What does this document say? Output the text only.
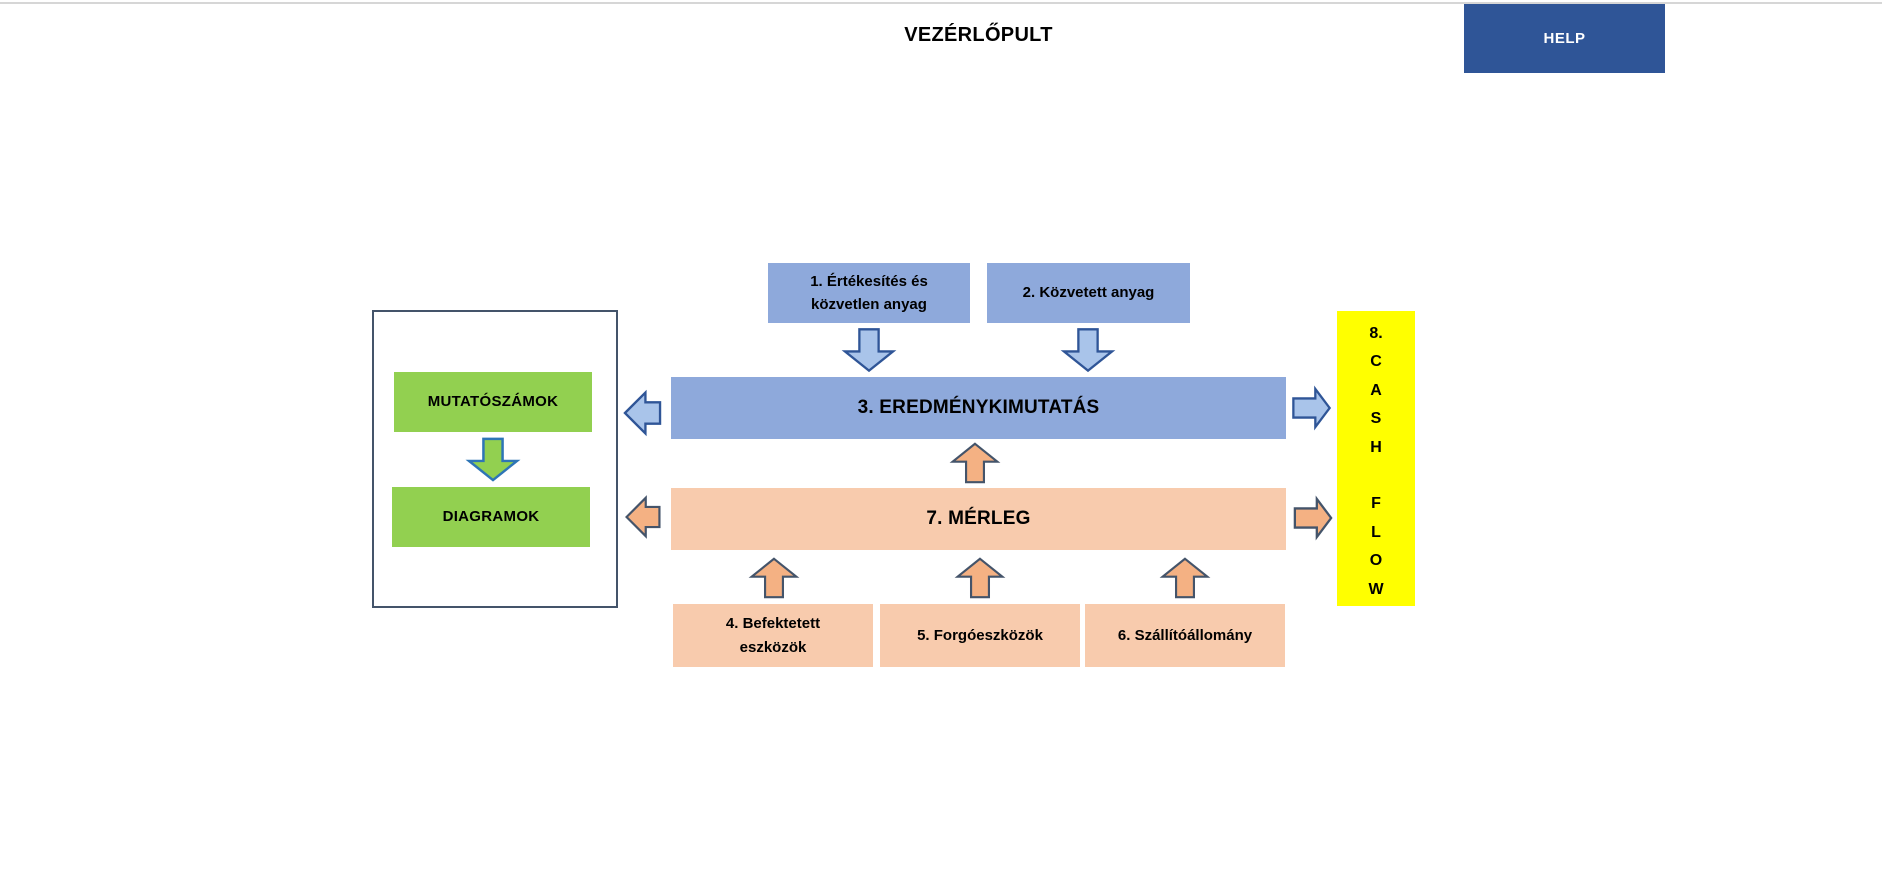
VEZÉRLŐPULT	HELP
MUTATÓSZÁMOK
DIAGRAMOK
1. Értékesítés és
közvetlen anyag
2. Közvetett anyag
3. EREDMÉNYKIMUTATÁS
7. MÉRLEG
4. Befektetett
eszközök
5. Forgóeszközök	6. Szállítóállomány
8.
C
A
S
H
F
L
O
W
